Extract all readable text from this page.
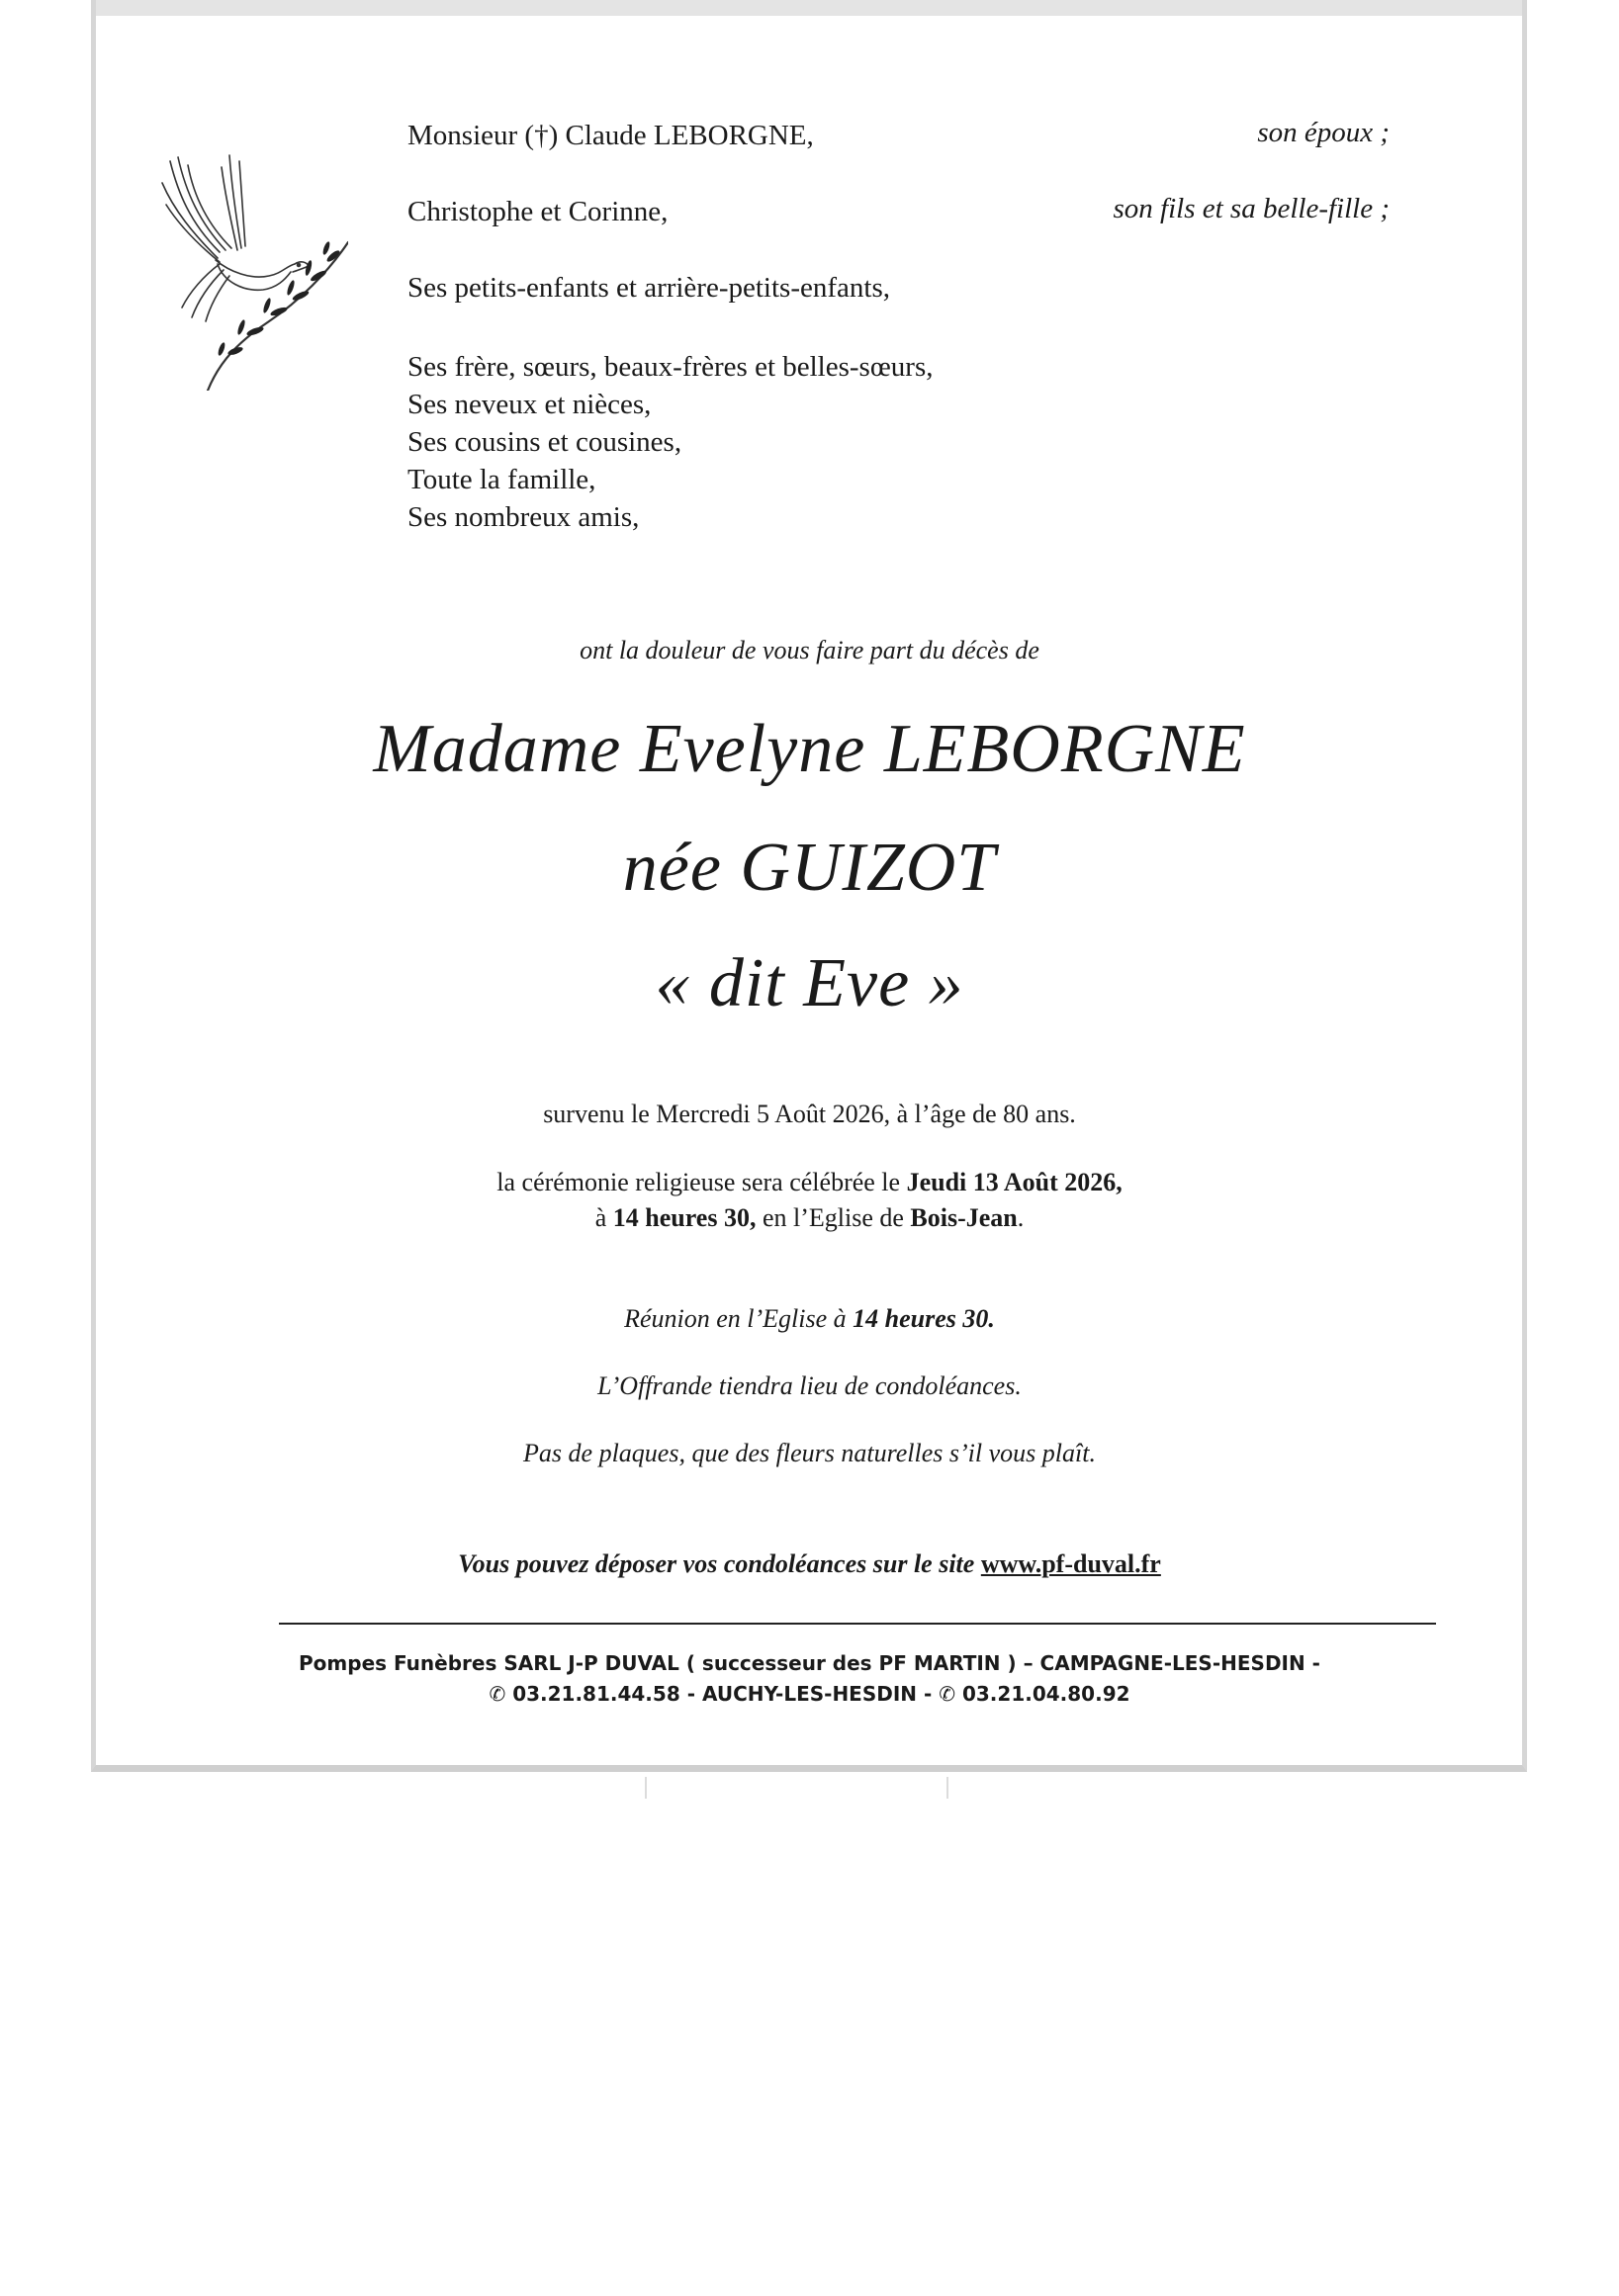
Monsieur (†) Claude LEBORGNE,	son époux ;
Christophe et Corinne,	son fils et sa belle-fille ;
Ses petits-enfants et arrière-petits-enfants,
Ses frère, sœurs, beaux-frères et belles-sœurs,
Ses neveux et nièces,
Ses cousins et cousines,
Toute la famille,
Ses nombreux amis,
ont la douleur de vous faire part du décès de
Madame Evelyne LEBORGNE
née GUIZOT
« dit Eve »
survenu le Mercredi 5 Août 2026, à l’âge de 80 ans.
la cérémonie religieuse sera célébrée le Jeudi 13 Août 2026,
à 14 heures 30, en l’Eglise de Bois-Jean.
Réunion en l’Eglise à 14 heures 30.
L’Offrande tiendra lieu de condoléances.
Pas de plaques, que des fleurs naturelles s’il vous plaît.
Vous pouvez déposer vos condoléances sur le site www.pf-duval.fr
Pompes Funèbres SARL J-P DUVAL ( successeur des PF MARTIN ) – CAMPAGNE-LES-HESDIN -
✆ 03.21.81.44.58 - AUCHY-LES-HESDIN - ✆ 03.21.04.80.92
